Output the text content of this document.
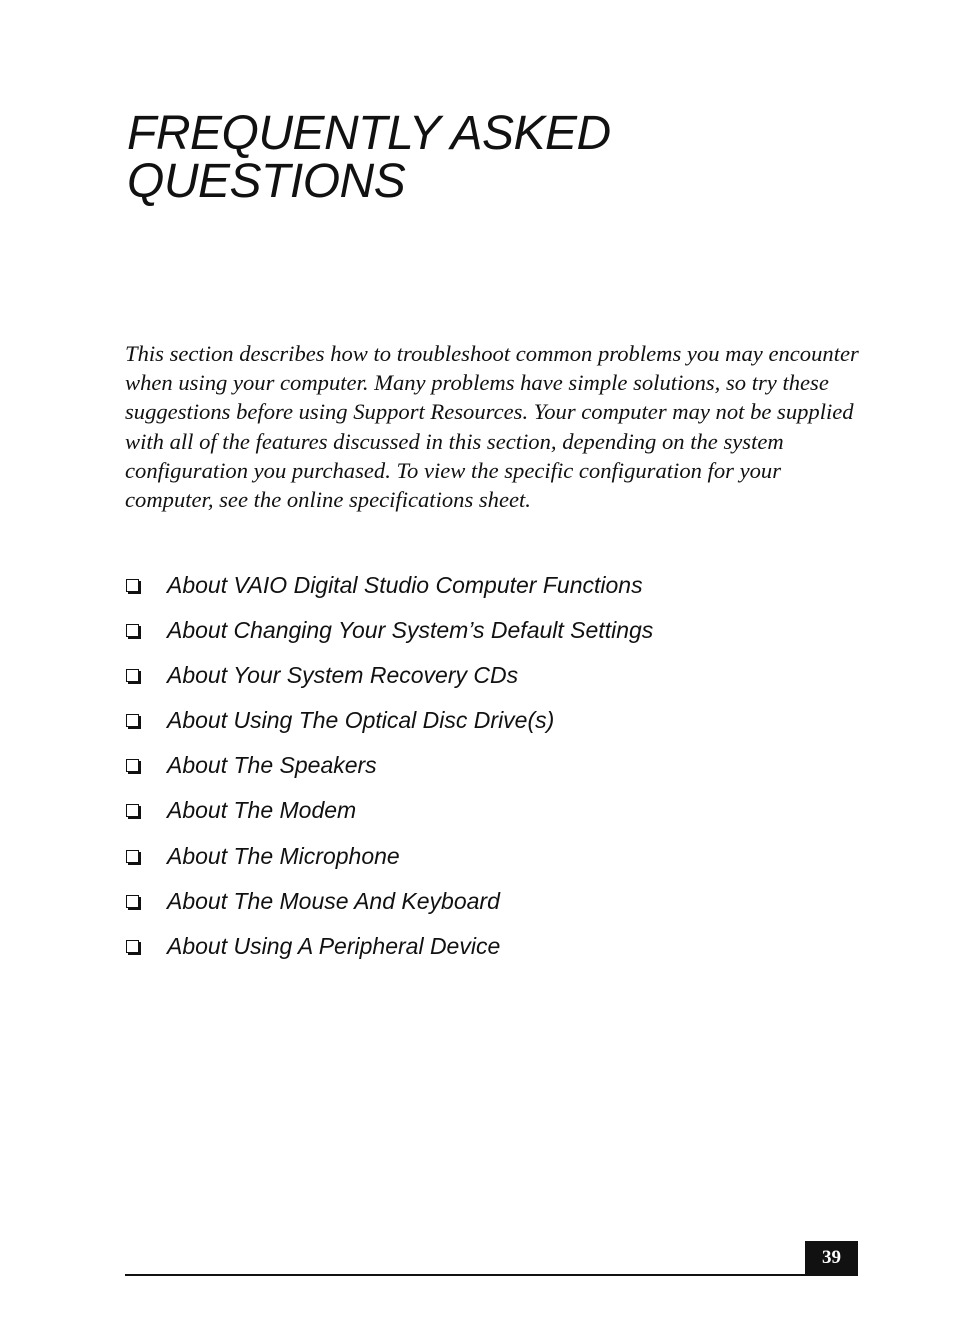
FREQUENTLY ASKED
QUESTIONS

This section describes how to troubleshoot common problems you may encounter when using your computer. Many problems have simple solutions, so try these suggestions before using Support Resources. Your computer may not be supplied with all of the features discussed in this section, depending on the system configuration you purchased. To view the specific configuration for your computer, see the online specifications sheet.

About VAIO Digital Studio Computer Functions
About Changing Your System’s Default Settings
About Your System Recovery CDs
About Using The Optical Disc Drive(s)
About The Speakers
About The Modem
About The Microphone
About The Mouse And Keyboard
About Using A Peripheral Device
39
